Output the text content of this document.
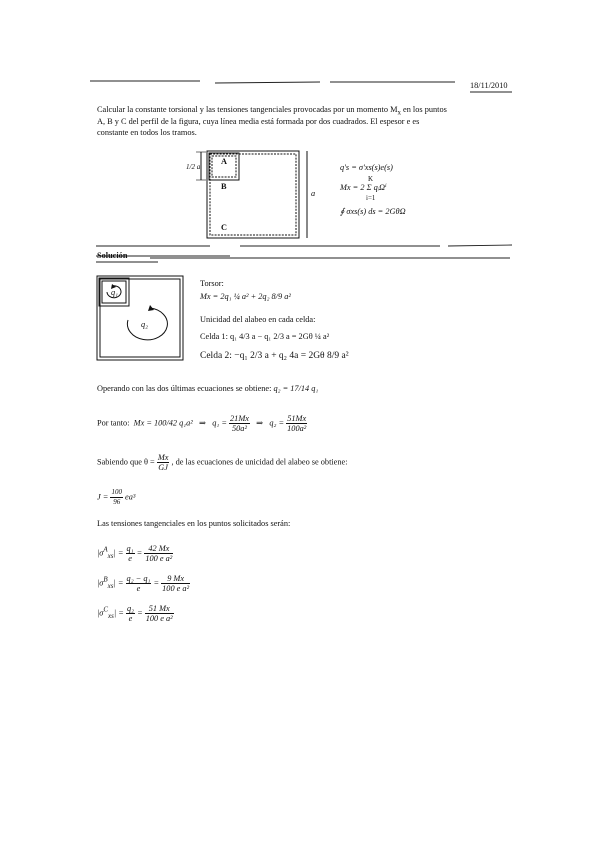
18/11/2010
Calcular la constante torsional y las tensiones tangenciales provocadas por un momento $M_x$ en los puntos
A, B y C del perfil de la figura, cuya línea media está formada por dos cuadrados. El espesor e es
constante en todos los tramos.
A
B
C
1/2 a
a
q's = σ'xs(s)e(s)
Mx = 2 Σ qᵢΩⁱ
K
i=1
∮ σxs(s) ds = 2GθΩ
Solución
q₁
q₂
Torsor:
Mx = 2q₁ ¼ a² + 2q₂ 8/9 a²
Unicidad del alabeo en cada celda:
Celda 1: q₁ 4/3 a − q₁ 2/3 a = 2Gθ ¼ a²
Celda 2: −q₁ 2/3 a + q₂ 4a = 2Gθ 8/9 a²
Operando con las dos últimas ecuaciones se obtiene: q₂ = 17/14 q₁
Por tanto: Mx = 100/42 q₁a² ⇒ $q_1 = \frac{21Mx}{\text{50a²}}$ ⇒ $q_2 = \frac{51Mx}{\text{100a²}}$
Sabiendo que $\theta = \frac{Mx}{GJ}$ , de las ecuaciones de unicidad del alabeo se obtiene:
$J = \frac{100}{96} ea^3$
Las tensiones tangenciales en los puntos solicitados serán:
$|\sigma^A_{xs}| = \frac{\text{q₁}}{e} = \frac{42 Mx}{\text{100 e a²}}$
$|\sigma^B_{xs}| = \frac{\text{q₂ − q₁}}{e} = \frac{9 Mx}{\text{100 e a²}}$
$|\sigma^C_{xs}| = \frac{\text{q₂}}{e} = \frac{51 Mx}{\text{100 e a²}}$
